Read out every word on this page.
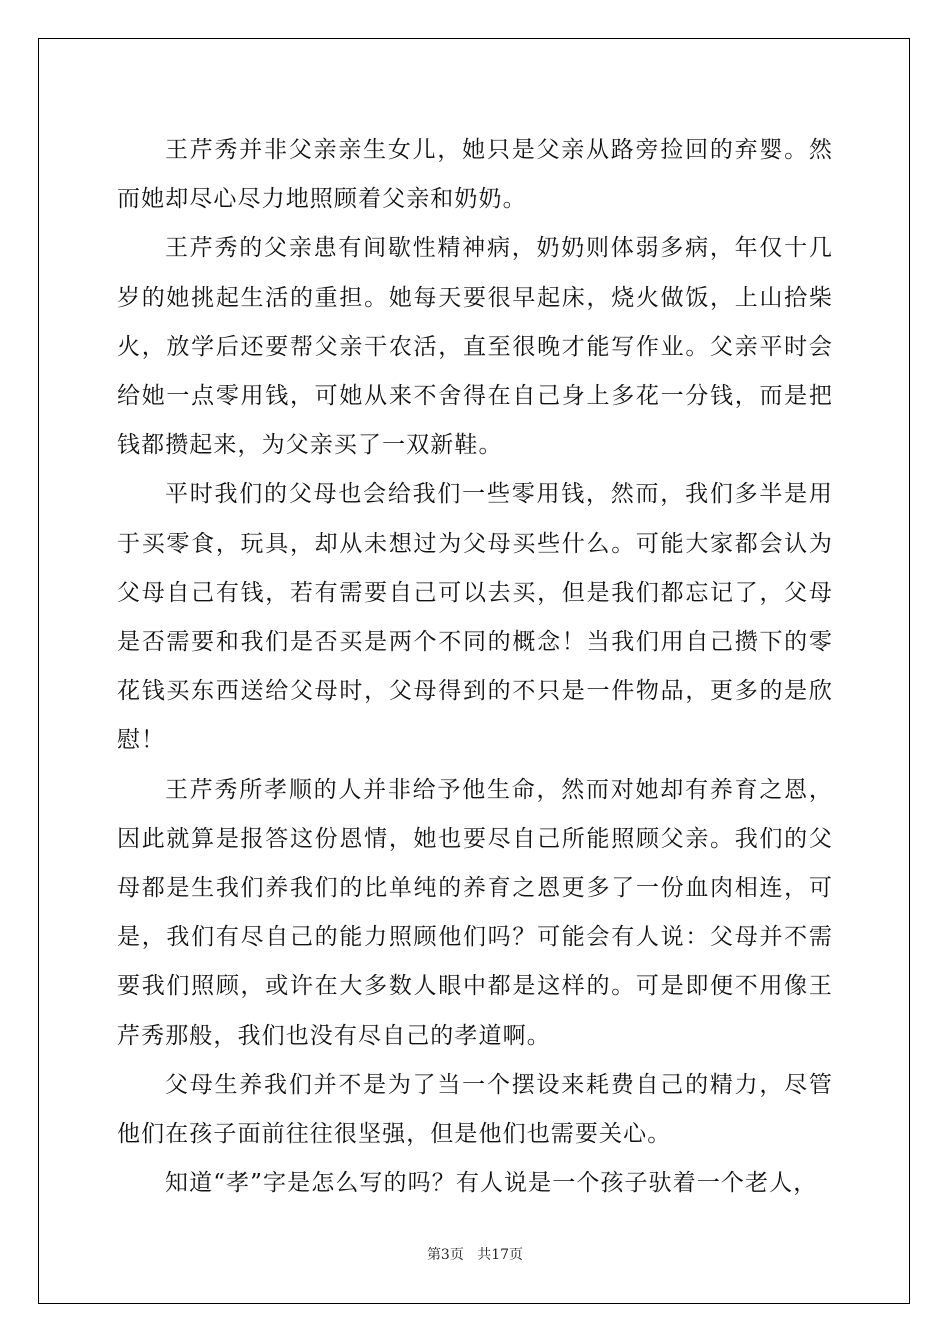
王芹秀并非父亲亲生女儿，她只是父亲从路旁捡回的弃婴。然而她却尽心尽力地照顾着父亲和奶奶。

王芹秀的父亲患有间歇性精神病，奶奶则体弱多病，年仅十几岁的她挑起生活的重担。她每天要很早起床，烧火做饭，上山拾柴火，放学后还要帮父亲干农活，直至很晚才能写作业。父亲平时会给她一点零用钱，可她从来不舍得在自己身上多花一分钱，而是把钱都攒起来，为父亲买了一双新鞋。

平时我们的父母也会给我们一些零用钱，然而，我们多半是用于买零食，玩具，却从未想过为父母买些什么。可能大家都会认为父母自己有钱，若有需要自己可以去买，但是我们都忘记了，父母是否需要和我们是否买是两个不同的概念！当我们用自己攒下的零花钱买东西送给父母时，父母得到的不只是一件物品，更多的是欣慰！

王芹秀所孝顺的人并非给予他生命，然而对她却有养育之恩，因此就算是报答这份恩情，她也要尽自己所能照顾父亲。我们的父母都是生我们养我们的比单纯的养育之恩更多了一份血肉相连，可是，我们有尽自己的能力照顾他们吗？可能会有人说：父母并不需要我们照顾，或许在大多数人眼中都是这样的。可是即便不用像王芹秀那般，我们也没有尽自己的孝道啊。

父母生养我们并不是为了当一个摆设来耗费自己的精力，尽管他们在孩子面前往往很坚强，但是他们也需要关心。

知道“孝”字是怎么写的吗？有人说是一个孩子驮着一个老人，

第3页 共17页
